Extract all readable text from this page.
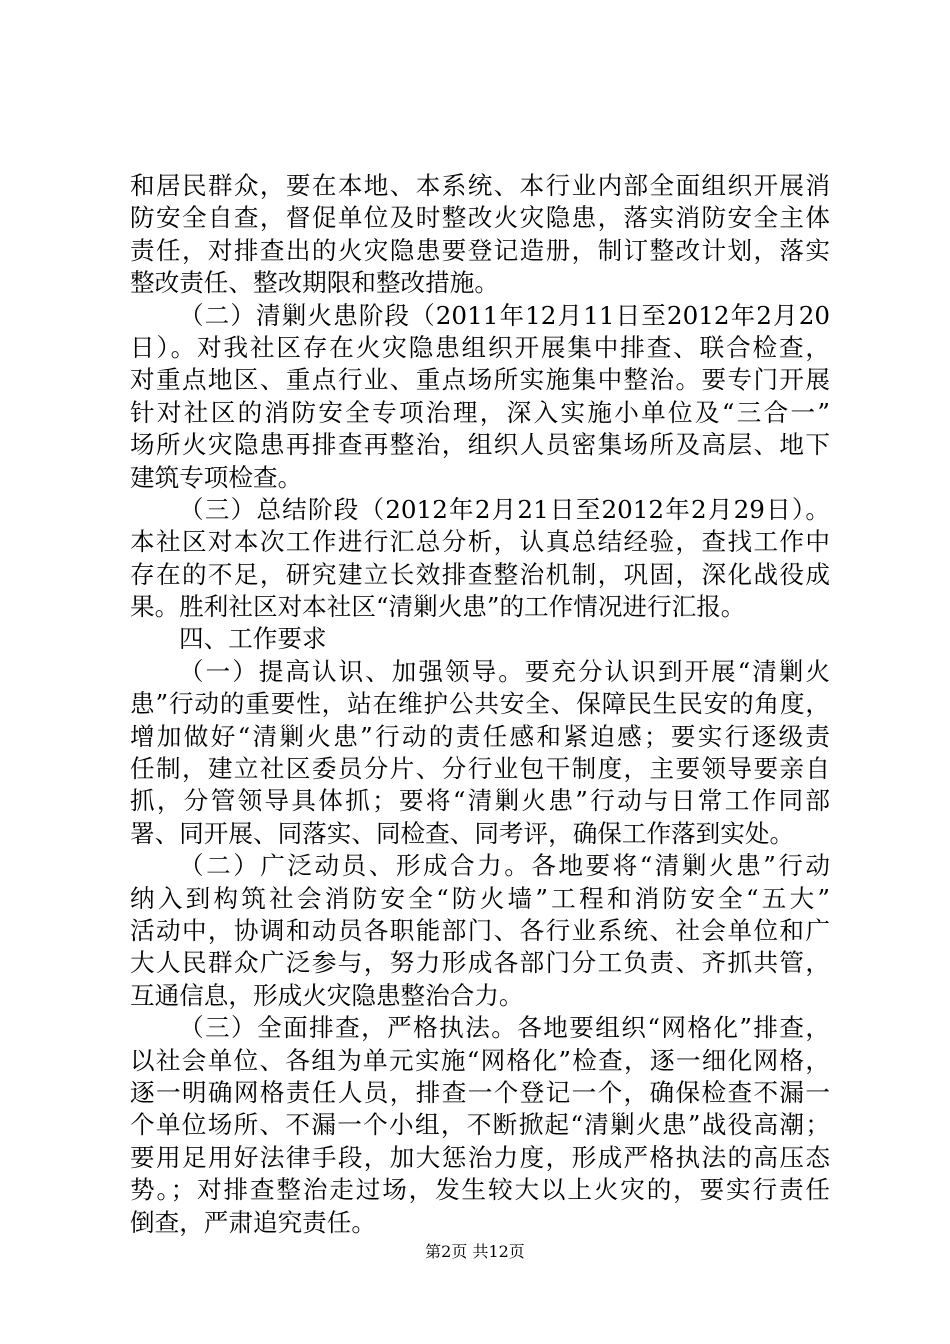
和居民群众，要在本地、本系统、本行业内部全面组织开展消
防安全自查，督促单位及时整改火灾隐患，落实消防安全主体
责任，对排查出的火灾隐患要登记造册，制订整改计划，落实
整改责任、整改期限和整改措施。
（二）清剿火患阶段（2011年12月11日至2012年2月20
日）。对我社区存在火灾隐患组织开展集中排查、联合检查，
对重点地区、重点行业、重点场所实施集中整治。要专门开展
针对社区的消防安全专项治理，深入实施小单位及“三合一”
场所火灾隐患再排查再整治，组织人员密集场所及高层、地下
建筑专项检查。
（三）总结阶段（2012年2月21日至2012年2月29日）。
本社区对本次工作进行汇总分析，认真总结经验，查找工作中
存在的不足，研究建立长效排查整治机制，巩固，深化战役成
果。胜利社区对本社区“清剿火患”的工作情况进行汇报。
四、工作要求
（一）提高认识、加强领导。要充分认识到开展“清剿火
患”行动的重要性，站在维护公共安全、保障民生民安的角度，
增加做好“清剿火患”行动的责任感和紧迫感；要实行逐级责
任制，建立社区委员分片、分行业包干制度，主要领导要亲自
抓，分管领导具体抓；要将“清剿火患”行动与日常工作同部
署、同开展、同落实、同检查、同考评，确保工作落到实处。
（二）广泛动员、形成合力。各地要将“清剿火患”行动
纳入到构筑社会消防安全“防火墙”工程和消防安全“五大”
活动中，协调和动员各职能部门、各行业系统、社会单位和广
大人民群众广泛参与，努力形成各部门分工负责、齐抓共管，
互通信息，形成火灾隐患整治合力。
（三）全面排查，严格执法。各地要组织“网格化”排查，
以社会单位、各组为单元实施“网格化”检查，逐一细化网格，
逐一明确网格责任人员，排查一个登记一个，确保检查不漏一
个单位场所、不漏一个小组，不断掀起“清剿火患”战役高潮；
要用足用好法律手段，加大惩治力度，形成严格执法的高压态
势。；对排查整治走过场，发生较大以上火灾的，要实行责任
倒查，严肃追究责任。
第2页 共12页
